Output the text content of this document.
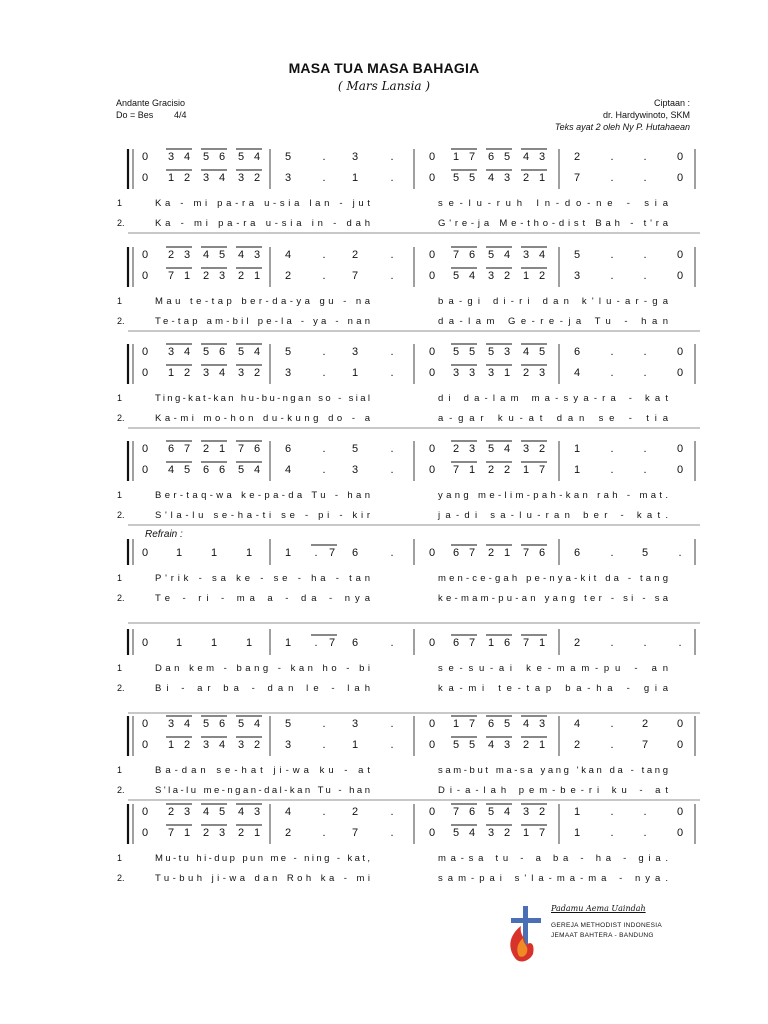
MASA TUA MASA BAHAGIA
( Mars Lansia )
Andante Gracisio
Do = Bes 4/4
Ciptaan :
dr. Hardywinoto, SKM
Teks ayat 2 oleh Ny P. Hutahaean
0 3 4 5 6 5 4 5	. 3	.	0 1 7 6 5 4 3	2	.	.	0
0 1 2 3 4 3 2 3	. 1	.	0 5 5 4 3 2 1	7	.	.	0
1	Ka - mi pa-ra u-sia lan - jut	se-lu-ruh In-do-ne - sia
2.	Ka - mi pa-ra u-sia in - dah	G're-ja Me-tho-dist Bah - t'ra
0 2 3 4 5 4 3 4	. 2	.	0 7 6 5 4 3 4	5	.	.	0
0 7 1 2 3 2 1 2	. 7	.	0 5 4 3 2 1 2	3	.	.	0
1	Mau te-tap ber-da-ya gu - na	ba-gi di-ri dan k'lu-ar-ga
2.	Te-tap am-bil pe-la - ya - nan	da-lam Ge-re-ja Tu - han
0 3 4 5 6 5 4 5	. 3	.	0 5 5 5 3 4 5	6	.	.	0
0 1 2 3 4 3 2 3	. 1	.	0 3 3 3 1 2 3	4	.	.	0
1	Ting-kat-kan hu-bu-ngan so - sial	di da-lam ma-sya-ra - kat
2.	Ka-mi mo-hon du-kung do - a	a-gar ku-at dan se - tia
0 6 7 2 1 7 6 6	. 5	.	0 2 3 5 4 3 2	1	.	.	0
0 4 5 6 6 5 4 4	. 3	.	0 7 1 2 2 1 7	1	.	.	0
1	Ber-taq-wa ke-pa-da Tu - han	yang me-lim-pah-kan rah - mat.
2.	S'la-lu se-ha-ti se - pi - kir	ja-di sa-lu-ran ber - kat.
0	1	1	1	1 . 7 6	.	0 6 7 2 1 7 6	6	.	5	.
Refrain :
1	P'rik - sa ke - se - ha - tan	men-ce-gah pe-nya-kit da - tang
2.	Te - ri - ma a - da - nya	ke-mam-pu-an yang ter - si - sa
0	1	1	1	1 . 7 6	.	0 6 7 1 6 7 1	2	.	.	.
1	Dan kem - bang - kan ho - bi	se-su-ai ke-mam-pu - an
2.	Bi - ar ba - dan le - lah	ka-mi te-tap ba-ha - gia
0 3 4 5 6 5 4 5	. 3	.	0 1 7 6 5 4 3	4	.	2	0
0 1 2 3 4 3 2 3	. 1	.	0 5 5 4 3 2 1	2	.	7	0
1	Ba-dan se-hat ji-wa ku - at	sam-but ma-sa yang 'kan da - tang
2.	S'la-lu me-ngan-dal-kan Tu - han	Di-a-lah pem-be-ri ku - at
0 2 3 4 5 4 3 4	. 2	.	0 7 6 5 4 3 2	1	.	.	0
0 7 1 2 3 2 1 2	. 7	.	0 5 4 3 2 1 7	1	.	.	0
1	Mu-tu hi-dup pun me - ning - kat,	ma-sa tu - a ba - ha - gia.
2.	Tu-buh ji-wa dan Roh ka - mi	sam-pai s'la-ma-ma - nya.
Padamu Aema Uaindah
GEREJA METHODIST INDONESIA
JEMAAT BAHTERA - BANDUNG
